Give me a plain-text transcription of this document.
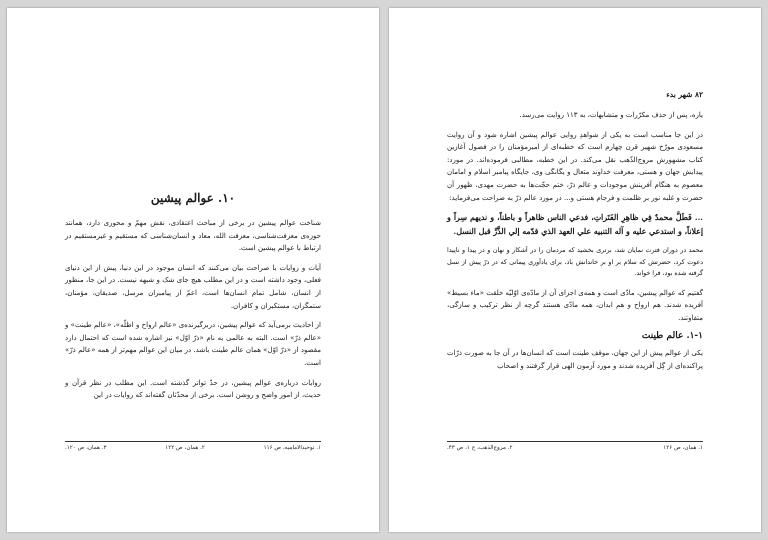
۸۲ شهر بدء

یاره، پس از حذف مکرّرات و متشابهات، به ۱۱۳ روایت می‌رسد.

در این جا مناسب است به یکی از شواهدِ روایی عوالم پیشین اشاره شود و آن روایت مسعودی مورّخ شهیر قرن چهارم است که خطبه‌ای از امیرمؤمنان را در فصول آغازین کتاب مشهورش مروج‌الذّهب نقل می‌کند. در این خطبه، مطالبی فرموده‌اند. در مورد: پیدایش جهان و هستی، معرفت خداوند متعال و یگانگی وی، جایگاه پیامبر اسلام و امامان معصوم به هنگام آفرینش موجودات و عالم ذرّ، ختم حجّت‌ها به حضرت مهدی، ظهور آن حضرت و غلبه نور بر ظلمت و فرجام هستی و... در مورد عالم ذرّ به صراحت می‌فرماید:

... فَطَلَّ محمدٌ فِي ظاهِرِ الفَتَراتِ، فدعي الناس ظاهراً و باطناً، و نديهم سِراً و إعلاناً، و استدعي عليه و آله التنبيه علي العهد الذي قدّمه إلي الذَّرِّ قبل النسل.

محمد در دوران فترت نمایان شد، برتری بخشید که مردمان را در آشکار و نهان و در پیدا و ناپیدا دعوت کرد، حضرتش که سلام بر او بر خاندانش باد، برای یادآوری پیمانی که در ذرّ پیش از نسل گرفته شده بود، فرا خواند.

گفتیم که عوالم پیشین، مادّی است و همه‌ی اجزای آن از مادّه‌ی اوّلیّه خلقت «ماء بسیط» آفریده شدند. هم ارواح و هم ابدان، همه مادّی هستند گرچه از نظر ترکیب و سازگی، متفاوتند.

۱-۱. عالم طینت

یکی از عوالم پیش از این جهان، موقف طینت است که انسان‌ها در آن جا به صورت ذرّات پراکنده‌ای از گِل آفریده شدند و مورد آزمون الهی قرار گرفتند و اصحاب

۱. همان، ص ۱۲۶
۲. مروج‌الذهب، ج ۱، ص ۴۳.
۱۰. عوالم پیشین

شناخت عوالم پیشین در برخی از مباحث اعتقادی، نقش مهمّ و محوری دارد، همانند حوزه‌ی معرفت‌شناسی، معرفت الله، معاد و انسان‌شناسی که مستقیم و غیرمستقیم در ارتباط با عوالم پیشین است.

آیات و روایات با صراحت بیان می‌کنند که انسان موجود در این دنیا، پیش از این دنیای فعلی، وجود داشته است و در این مطلب هیچ جای شک و شبهه نیست. در این جا، منظور از انسان، شامل تمام انسان‌ها است، اعمّ از پیامبران مرسل، صدیقان، مؤمنان، ستمگران، مستکبران و کافران.

از احادیث برمی‌آید که عوالم پیشین، دربرگیرنده‌ی «عالم ارواح و اظلّه»، «عالم طینت» و «عالم ذرّ» است. البته به عالمی به نام «ذرّ اوّل» نیز اشاره شده است که احتمال دارد مقصود از «ذرّ اوّل» همان عالم طینت باشد. در میان این عوالم مهم‌تر از همه «عالم ذرّ» است.

روایات درباره‌ی عوالم پیشین، در حدّ تواتر گذشته است. این مطلب در نظر قرآن و حدیث، از امور واضح و روشن است. برخی از محدّثان گفته‌اند که روایات در این

۱. توحیدالامامیه، ص ۱۱۶
۲. همان، ص ۱۲۲
۳. همان، ص ۱۲۰.
